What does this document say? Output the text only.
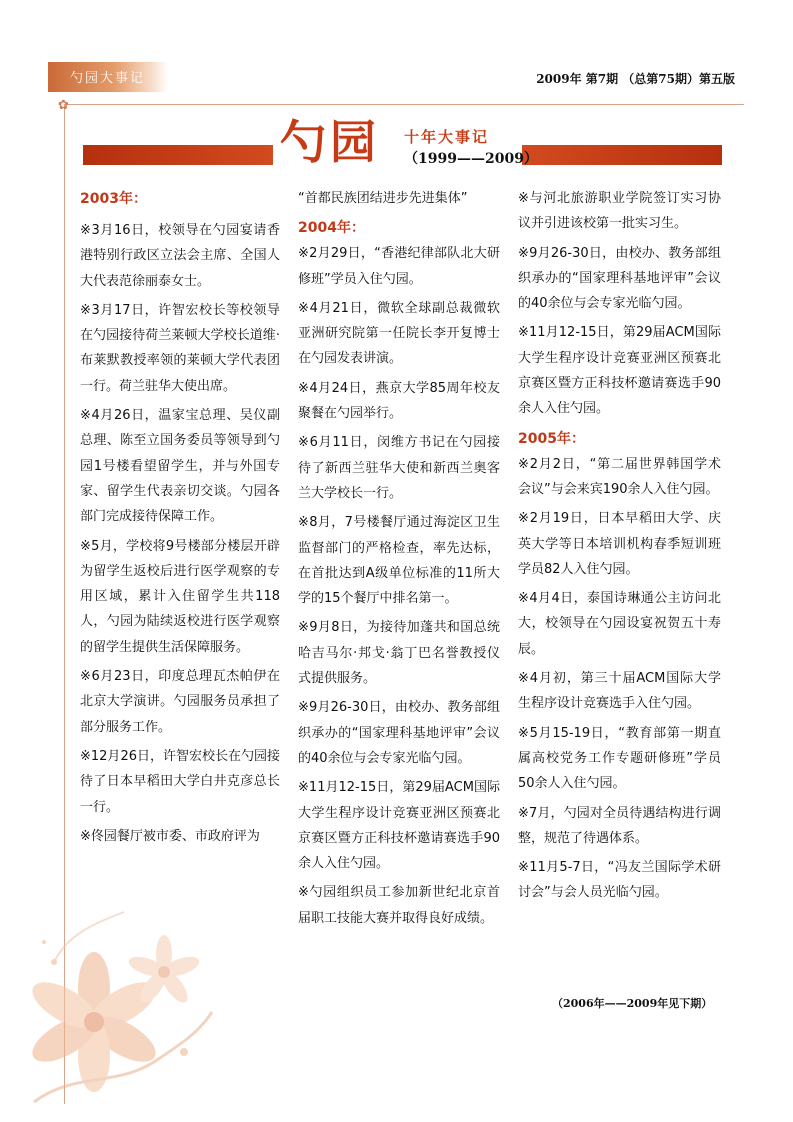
勺园大事记	2009年 第7期 （总第75期）第五版
✿
勺园 十年大事记
（1999——2009）

2003年：

※3月16日，校领导在勺园宴请香港特别行政区立法会主席、全国人大代表范徐丽泰女士。

※3月17日，许智宏校长等校领导在勺园接待荷兰莱顿大学校长道维·布莱默教授率领的莱顿大学代表团一行。荷兰驻华大使出席。

※4月26日，温家宝总理、吴仪副总理、陈至立国务委员等领导到勺园1号楼看望留学生，并与外国专家、留学生代表亲切交谈。勺园各部门完成接待保障工作。

※5月，学校将9号楼部分楼层开辟为留学生返校后进行医学观察的专用区域，累计入住留学生共118人，勺园为陆续返校进行医学观察的留学生提供生活保障服务。

※6月23日，印度总理瓦杰帕伊在北京大学演讲。勺园服务员承担了部分服务工作。

※12月26日，许智宏校长在勺园接待了日本早稻田大学白井克彦总长一行。

※佟园餐厅被市委、市政府评为

“首都民族团结进步先进集体”

2004年：

※2月29日，“香港纪律部队北大研修班”学员入住勺园。

※4月21日，微软全球副总裁微软亚洲研究院第一任院长李开复博士在勺园发表讲演。

※4月24日，燕京大学85周年校友聚餐在勺园举行。

※6月11日，闵维方书记在勺园接待了新西兰驻华大使和新西兰奥客兰大学校长一行。

※8月，7号楼餐厅通过海淀区卫生监督部门的严格检查，率先达标，在首批达到A级单位标准的11所大学的15个餐厅中排名第一。

※9月8日，为接待加蓬共和国总统哈吉马尔·邦戈·翁丁巴名誉教授仪式提供服务。

※9月26-30日，由校办、教务部组织承办的“国家理科基地评审”会议的40余位与会专家光临勺园。

※11月12-15日，第29届ACM国际大学生程序设计竞赛亚洲区预赛北京赛区暨方正科技杯邀请赛选手90余人入住勺园。

※勺园组织员工参加新世纪北京首届职工技能大赛并取得良好成绩。

※与河北旅游职业学院签订实习协议并引进该校第一批实习生。

※9月26-30日，由校办、教务部组织承办的“国家理科基地评审”会议的40余位与会专家光临勺园。

※11月12-15日，第29届ACM国际大学生程序设计竞赛亚洲区预赛北京赛区暨方正科技杯邀请赛选手90余人入住勺园。

2005年：

※2月2日，“第二届世界韩国学术会议”与会来宾190余人入住勺园。

※2月19日，日本早稻田大学、庆英大学等日本培训机构春季短训班学员82人入住勺园。

※4月4日，泰国诗琳通公主访问北大，校领导在勺园设宴祝贺五十寿辰。

※4月初，第三十届ACM国际大学生程序设计竞赛选手入住勺园。

※5月15-19日，“教育部第一期直属高校党务工作专题研修班”学员50余人入住勺园。

※7月，勺园对全员待遇结构进行调整，规范了待遇体系。

※11月5-7日，“冯友兰国际学术研讨会”与会人员光临勺园。

（2006年——2009年见下期）
